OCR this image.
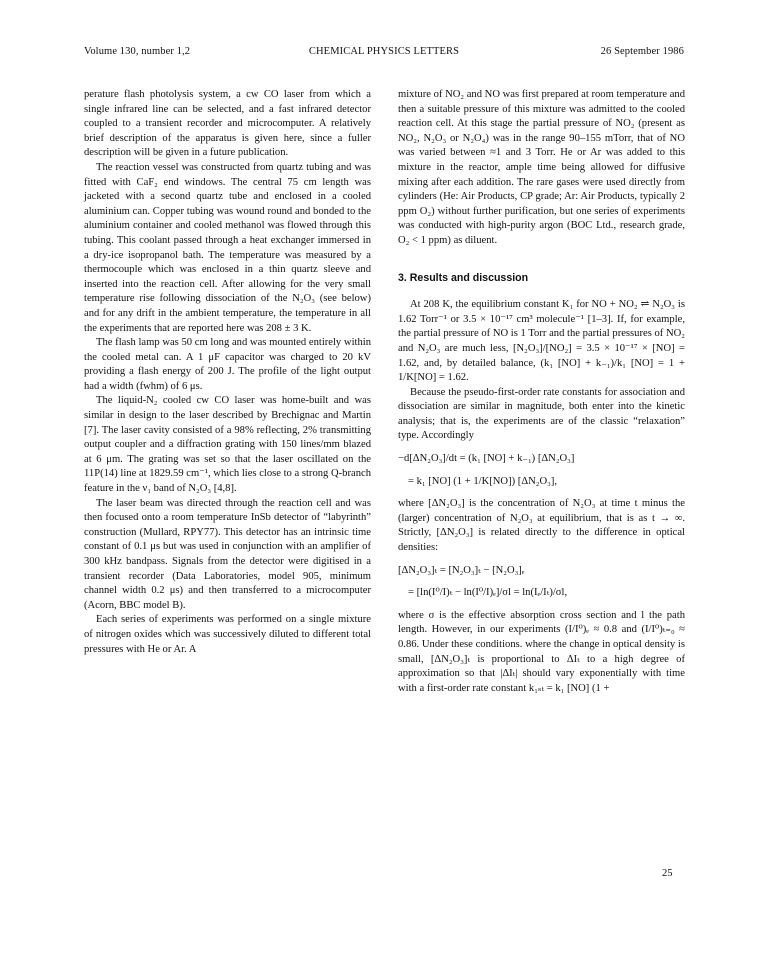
CHEMICAL PHYSICS LETTERS
Volume 130, number 1,2	26 September 1986

perature flash photolysis system, a cw CO laser from which a single infrared line can be selected, and a fast infrared detector coupled to a transient recorder and microcomputer. A relatively brief description of the apparatus is given here, since a fuller description will be given in a future publication.

The reaction vessel was constructed from quartz tubing and was fitted with CaF₂ end windows. The central 75 cm length was jacketed with a second quartz tube and enclosed in a cooled aluminium can. Copper tubing was wound round and bonded to the aluminium container and cooled methanol was flowed through this tubing. This coolant passed through a heat exchanger immersed in a dry-ice isopropanol bath. The temperature was measured by a thermocouple which was enclosed in a thin quartz sleeve and inserted into the reaction cell. After allowing for the very small temperature rise following dissociation of the N₂O₃ (see below) and for any drift in the ambient temperature, the temperature in all the experiments that are reported here was 208 ± 3 K.

The flash lamp was 50 cm long and was mounted entirely within the cooled metal can. A 1 μF capacitor was charged to 20 kV providing a flash energy of 200 J. The profile of the light output had a width (fwhm) of 6 μs.

The liquid-N₂ cooled cw CO laser was home-built and was similar in design to the laser described by Brechignac and Martin [7]. The laser cavity consisted of a 98% reflecting, 2% transmitting output coupler and a diffraction grating with 150 lines/mm blazed at 6 μm. The grating was set so that the laser oscillated on the 11P(14) line at 1829.59 cm⁻¹, which lies close to a strong Q-branch feature in the ν₁ band of N₂O₃ [4,8].

The laser beam was directed through the reaction cell and was then focused onto a room temperature InSb detector of “labyrinth” construction (Mullard, RPY77). This detector has an intrinsic time constant of 0.1 μs but was used in conjunction with an amplifier of 300 kHz bandpass. Signals from the detector were digitised in a transient recorder (Data Laboratories, model 905, minimum channel width 0.2 μs) and then transferred to a microcomputer (Acorn, BBC model B).

Each series of experiments was performed on a single mixture of nitrogen oxides which was successively diluted to different total pressures with He or Ar. A

mixture of NO₂ and NO was first prepared at room temperature and then a suitable pressure of this mixture was admitted to the cooled reaction cell. At this stage the partial pressure of NO₂ (present as NO₂, N₂O₃ or N₂O₄) was in the range 90–155 mTorr, that of NO was varied between ≈1 and 3 Torr. He or Ar was added to this mixture in the reactor, ample time being allowed for diffusive mixing after each addition. The rare gases were used directly from cylinders (He: Air Products, CP grade; Ar: Air Products, typically 2 ppm O₂) without further purification, but one series of experiments was conducted with high-purity argon (BOC Ltd., research grade, O₂ < 1 ppm) as diluent.

3. Results and discussion

At 208 K, the equilibrium constant K₁ for NO + NO₂ ⇌ N₂O₃ is 1.62 Torr⁻¹ or 3.5 × 10⁻¹⁷ cm³ molecule⁻¹ [1–3]. If, for example, the partial pressure of NO is 1 Torr and the partial pressures of NO₂ and N₂O₃ are much less, [N₂O₃]/[NO₂] = 3.5 × 10⁻¹⁷ × [NO] = 1.62, and, by detailed balance, (k₁ [NO] + k₋₁)/k₁ [NO] = 1 + 1/K[NO] = 1.62.

Because the pseudo-first-order rate constants for association and dissociation are similar in magnitude, both enter into the kinetic analysis; that is, the experiments are of the classic “relaxation” type. Accordingly

−d[ΔN₂O₃]/dt = (k₁ [NO] + k₋₁) [ΔN₂O₃]
= k₁ [NO] (1 + 1/K[NO]) [ΔN₂O₃],

where [ΔN₂O₃] is the concentration of N₂O₃ at time t minus the (larger) concentration of N₂O₃ at equilibrium, that is as t → ∞. Strictly, [ΔN₂O₃] is related directly to the difference in optical densities:

[ΔN₂O₃]ₜ = [N₂O₃]ₜ − [N₂O₃]ₑ
= [ln(I⁰/I)ₜ − ln(I⁰/I)ₑ]/σl = ln(Iₑ/Iₜ)/σl,

where σ is the effective absorption cross section and l the path length. However, in our experiments (I/I⁰)ₑ ≈ 0.8 and (I/I⁰)ₜ₌₀ ≈ 0.86. Under these conditions. where the change in optical density is small, [ΔN₂O₃]ₜ is proportional to ΔIₜ to a high degree of approximation so that |ΔIₜ| should vary exponentially with time with a first-order rate constant k₁ₛₜ = k₁ [NO] (1 +

25
